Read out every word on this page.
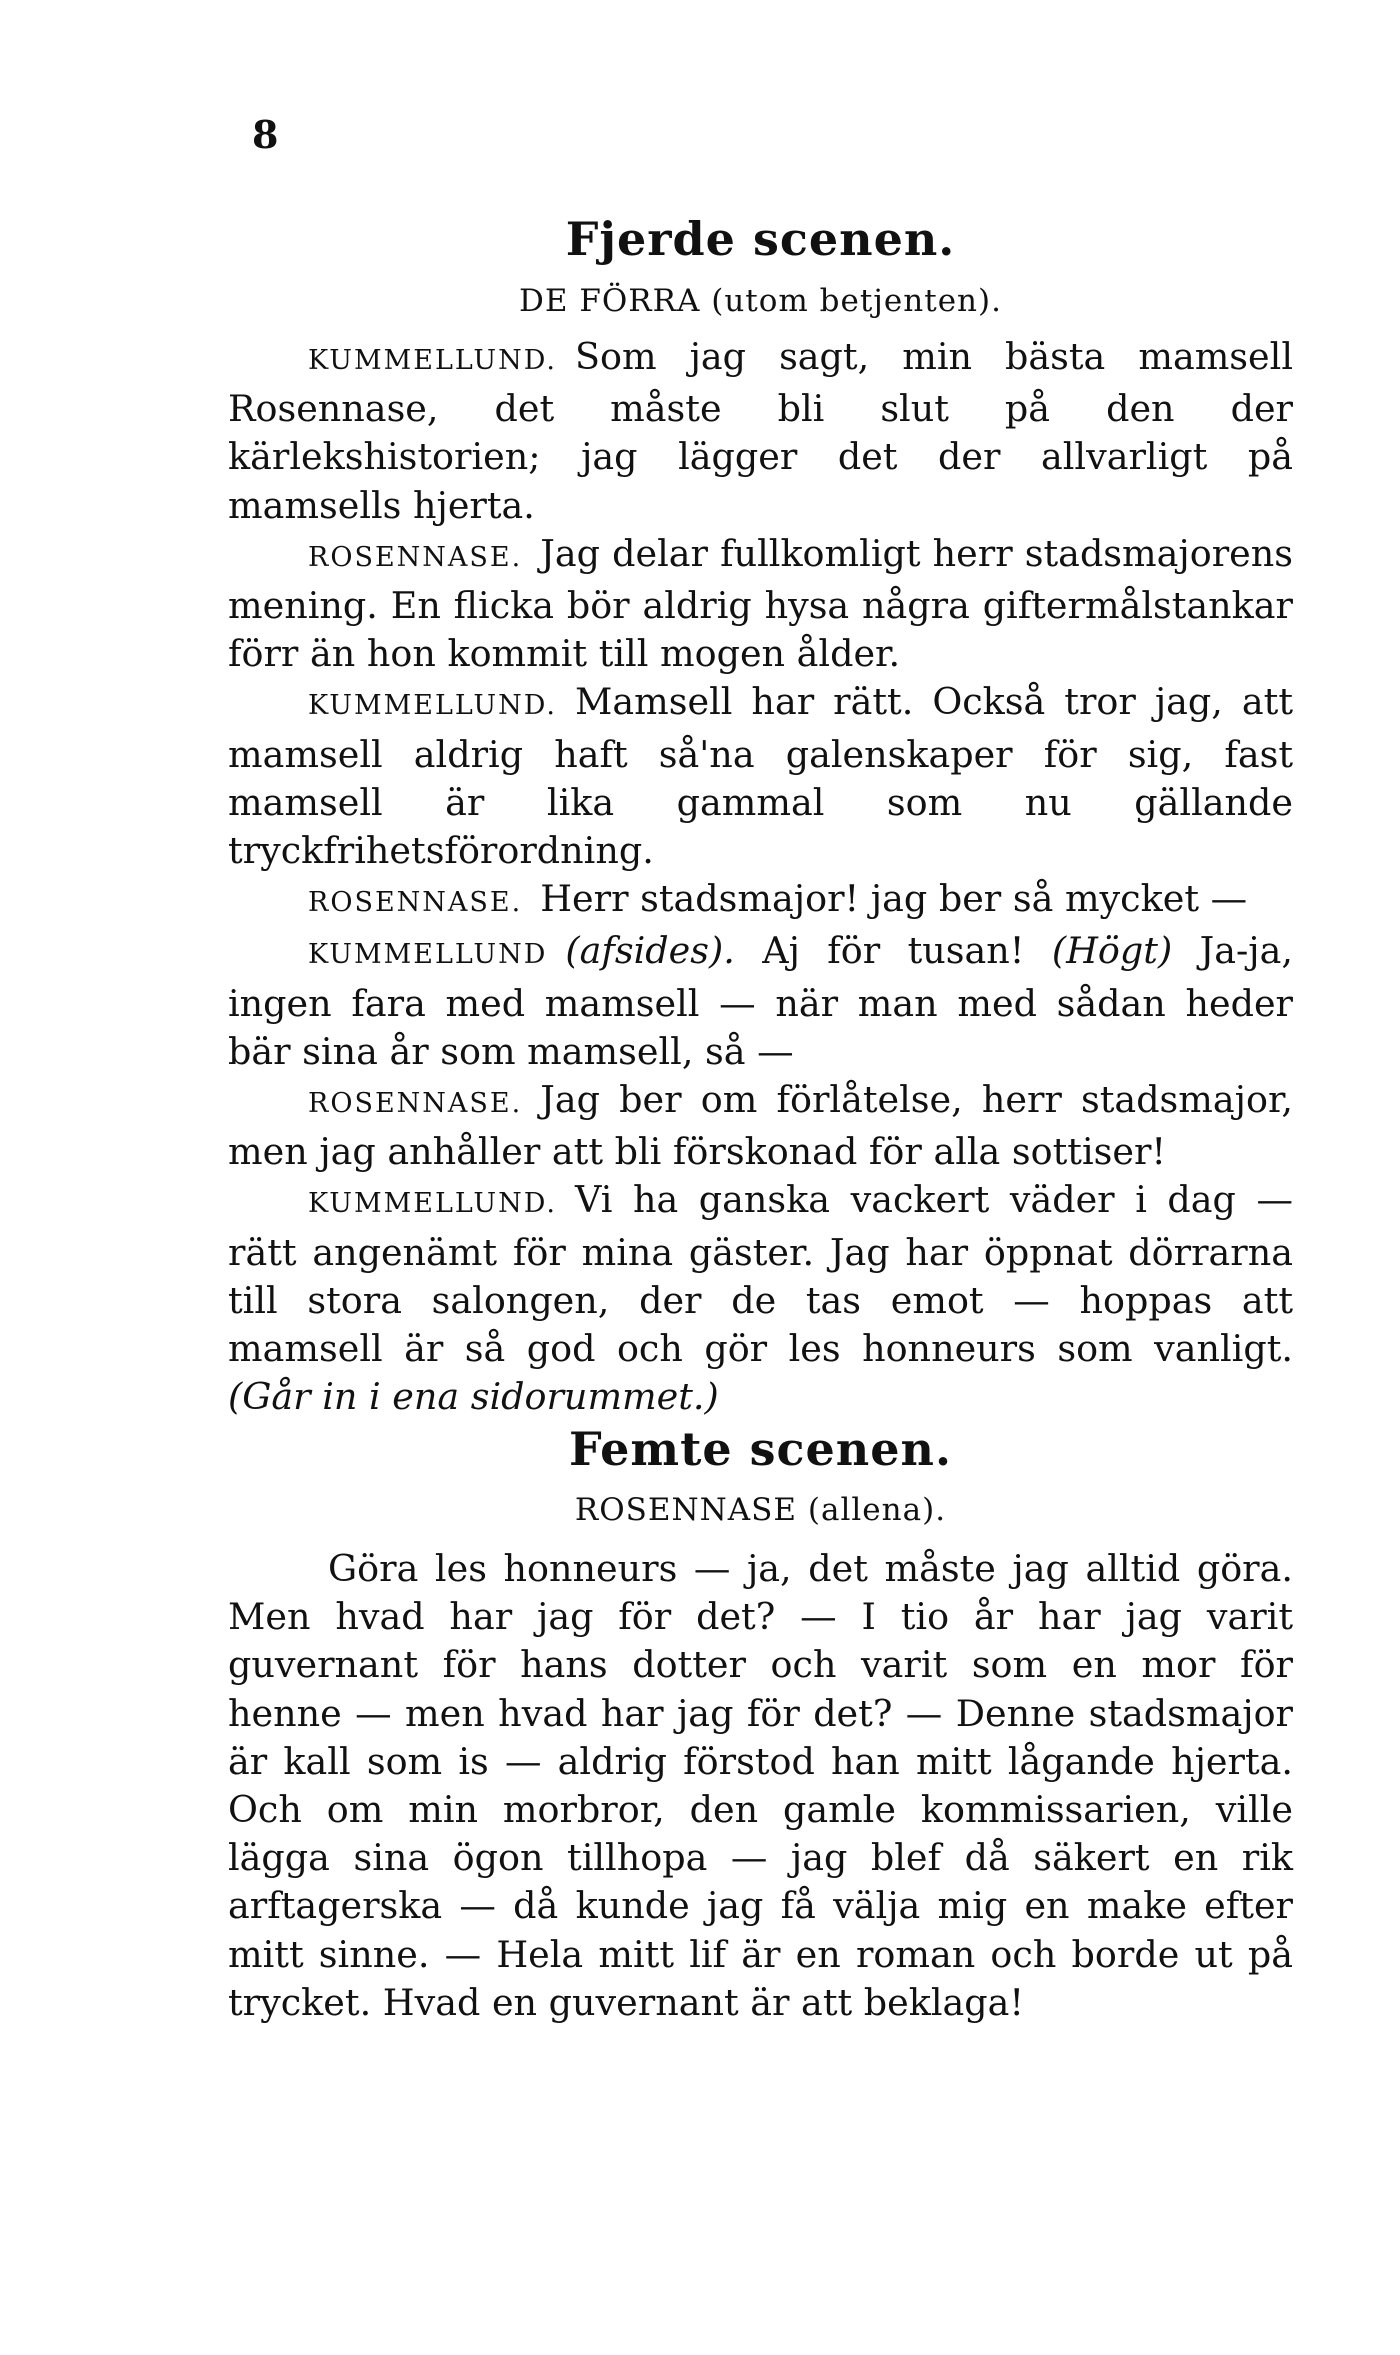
8
Fjerde scenen.
DE FÖRRA (utom betjenten).

KUMMELLUND. Som jag sagt, min bästa mamsell Rosennase, det måste bli slut på den der kärlekshistorien; jag lägger det der allvarligt på mamsells hjerta.

ROSENNASE. Jag delar fullkomligt herr stadsmajorens mening. En flicka bör aldrig hysa några giftermålstankar förr än hon kommit till mogen ålder.

KUMMELLUND. Mamsell har rätt. Också tror jag, att mamsell aldrig haft så'na galenskaper för sig, fast mamsell är lika gammal som nu gällande tryckfrihetsförordning.

ROSENNASE. Herr stadsmajor! jag ber så mycket —

KUMMELLUND (afsides). Aj för tusan! (Högt) Ja-ja, ingen fara med mamsell — när man med sådan heder bär sina år som mamsell, så —

ROSENNASE. Jag ber om förlåtelse, herr stadsmajor, men jag anhåller att bli förskonad för alla sottiser!

KUMMELLUND. Vi ha ganska vackert väder i dag — rätt angenämt för mina gäster. Jag har öppnat dörrarna till stora salongen, der de tas emot — hoppas att mamsell är så god och gör les honneurs som vanligt. (Går in i ena sidorummet.)

Femte scenen.
ROSENNASE (allena).

Göra les honneurs — ja, det måste jag alltid göra. Men hvad har jag för det? — I tio år har jag varit guvernant för hans dotter och varit som en mor för henne — men hvad har jag för det? — Denne stadsmajor är kall som is — aldrig förstod han mitt lågande hjerta. Och om min morbror, den gamle kommissarien, ville lägga sina ögon tillhopa — jag blef då säkert en rik arftagerska — då kunde jag få välja mig en make efter mitt sinne. — Hela mitt lif är en roman och borde ut på trycket. Hvad en guvernant är att beklaga!
